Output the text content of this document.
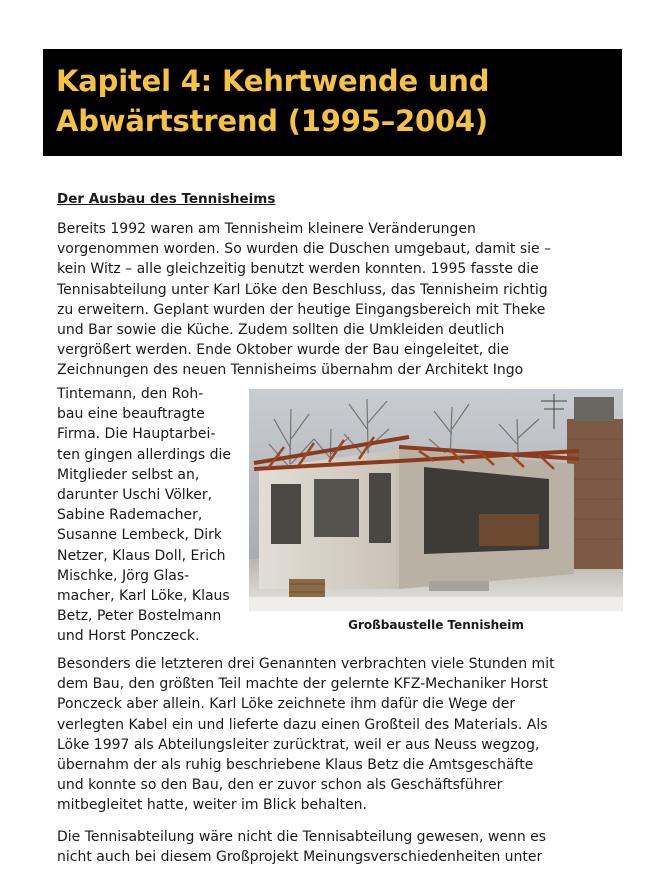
Kapitel 4: Kehrtwende und
Abwärtstrend (1995–2004)
Der Ausbau des Tennisheims

Bereits 1992 waren am Tennisheim kleinere Veränderungen
vorgenommen worden. So wurden die Duschen umgebaut, damit sie –
kein Witz – alle gleichzeitig benutzt werden konnten. 1995 fasste die
Tennisabteilung unter Karl Löke den Beschluss, das Tennisheim richtig
zu erweitern. Geplant wurden der heutige Eingangsbereich mit Theke
und Bar sowie die Küche. Zudem sollten die Umkleiden deutlich
vergrößert werden. Ende Oktober wurde der Bau eingeleitet, die
Zeichnungen des neuen Tennisheims übernahm der Architekt Ingo

Tintemann, den Roh-
bau eine beauftragte
Firma. Die Hauptarbei-
ten gingen allerdings die
Mitglieder selbst an,
darunter Uschi Völker,
Sabine Rademacher,
Susanne Lembeck, Dirk
Netzer, Klaus Doll, Erich
Mischke, Jörg Glas-
macher, Karl Löke, Klaus
Betz, Peter Bostelmann
und Horst Ponczeck.

Großbaustelle Tennisheim

Besonders die letzteren drei Genannten verbrachten viele Stunden mit
dem Bau, den größten Teil machte der gelernte KFZ-Mechaniker Horst
Ponczeck aber allein. Karl Löke zeichnete ihm dafür die Wege der
verlegten Kabel ein und lieferte dazu einen Großteil des Materials. Als
Löke 1997 als Abteilungsleiter zurücktrat, weil er aus Neuss wegzog,
übernahm der als ruhig beschriebene Klaus Betz die Amtsgeschäfte
und konnte so den Bau, den er zuvor schon als Geschäftsführer
mitbegleitet hatte, weiter im Blick behalten.

Die Tennisabteilung wäre nicht die Tennisabteilung gewesen, wenn es
nicht auch bei diesem Großprojekt Meinungsverschiedenheiten unter
